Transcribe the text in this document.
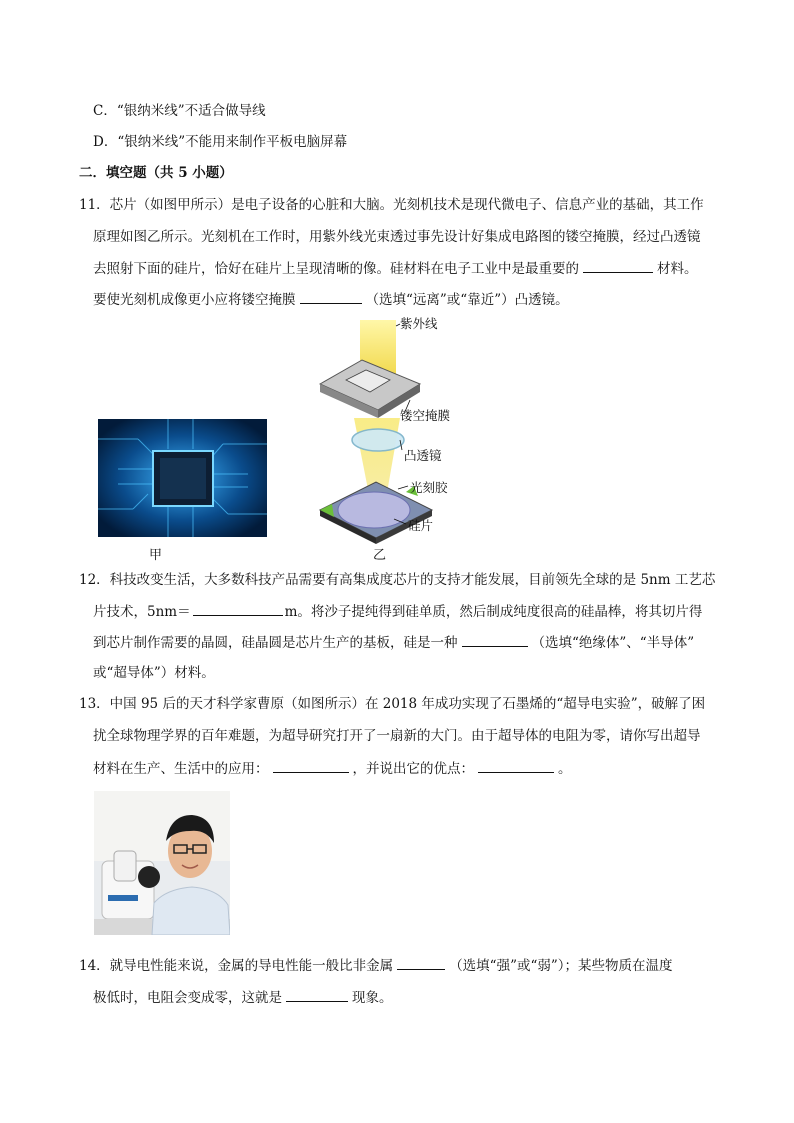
C．“银纳米线”不适合做导线
D．“银纳米线”不能用来制作平板电脑屏幕
二．填空题（共 5 小题）
11．芯片（如图甲所示）是电子设备的心脏和大脑。光刻机技术是现代微电子、信息产业的基础，其工作
原理如图乙所示。光刻机在工作时，用紫外线光束透过事先设计好集成电路图的镂空掩膜，经过凸透镜
去照射下面的硅片，恰好在硅片上呈现清晰的像。硅材料在电子工业中是最重要的	材料。
要使光刻机成像更小应将镂空掩膜	（选填“远离”或“靠近”）凸透镜。
甲
紫外线
镂空掩膜
凸透镜
光刻胶
硅片
乙
12．科技改变生活，大多数科技产品需要有高集成度芯片的支持才能发展，目前领先全球的是 5nm 工艺芯
片技术，5nm＝	m。将沙子提纯得到硅单质，然后制成纯度很高的硅晶棒，将其切片得
到芯片制作需要的晶圆，硅晶圆是芯片生产的基板，硅是一种	（选填“绝缘体”、“半导体”
或“超导体”）材料。
13．中国 95 后的天才科学家曹原（如图所示）在 2018 年成功实现了石墨烯的“超导电实验”，破解了困
扰全球物理学界的百年难题，为超导研究打开了一扇新的大门。由于超导体的电阻为零，请你写出超导
材料在生产、生活中的应用：	，并说出它的优点：	。
14．就导电性能来说，金属的导电性能一般比非金属	（选填“强”或“弱”）；某些物质在温度
极低时，电阻会变成零，这就是	现象。
